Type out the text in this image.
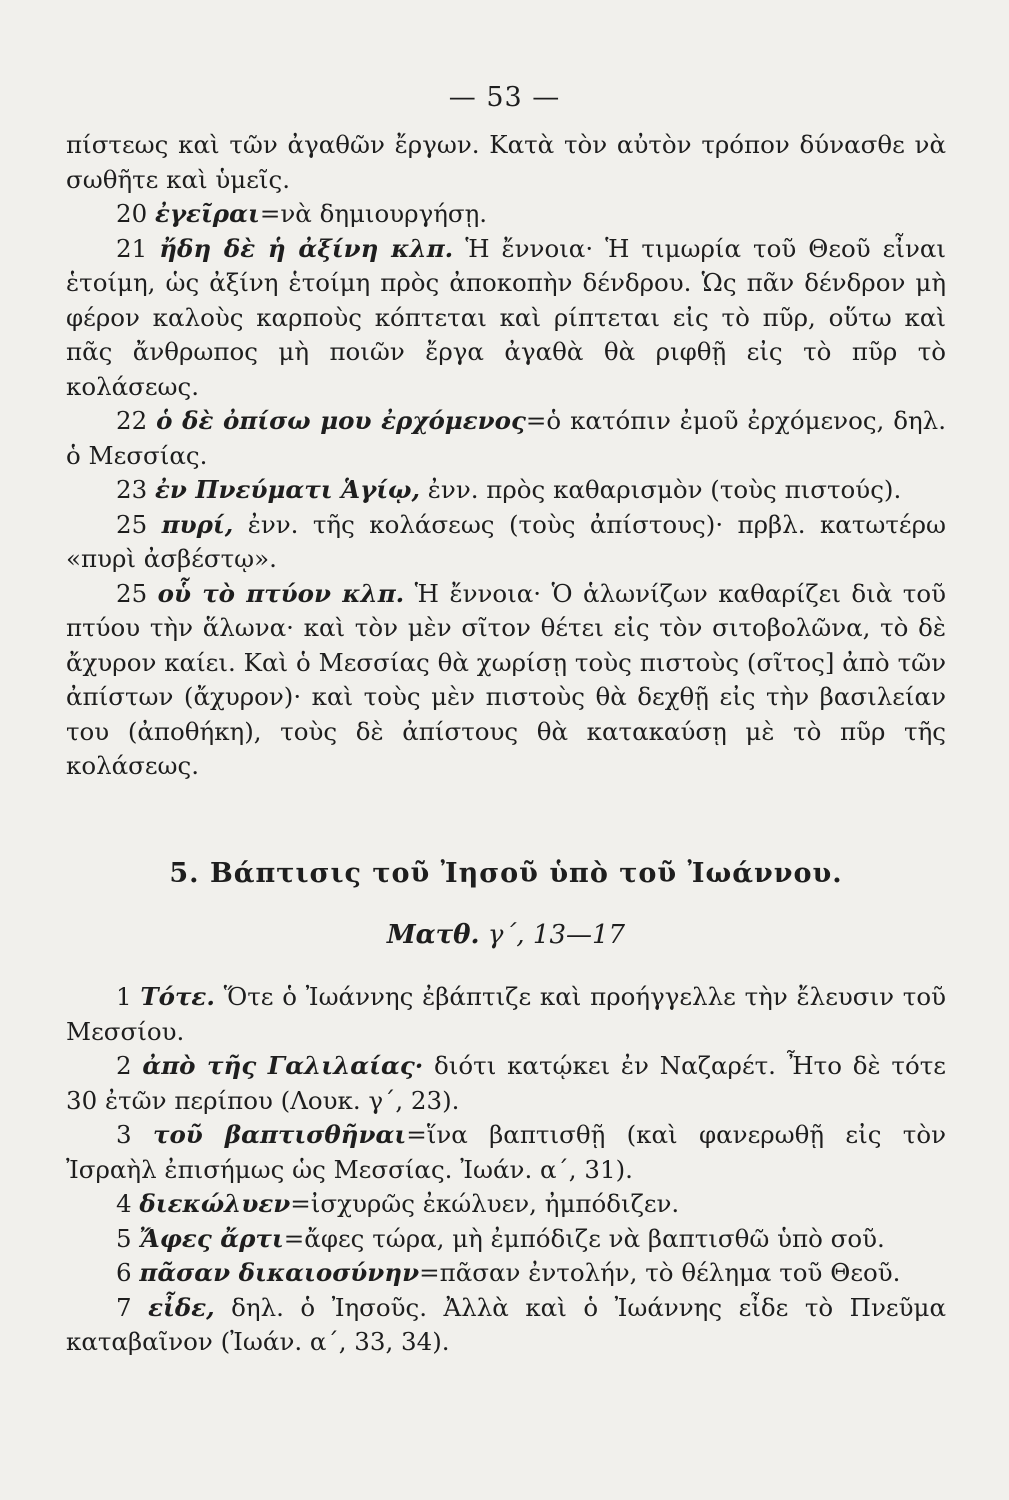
— 53 —

πίστεως καὶ τῶν ἀγαθῶν ἔργων. Κατὰ τὸν αὐτὸν τρόπον δύνασθε νὰ σωθῆτε καὶ ὑμεῖς.

20 ἐγεῖραι=νὰ δημιουργήσῃ.

21 ἤδη δὲ ἡ ἀξίνη κλπ. Ἡ ἔννοια· Ἡ τιμωρία τοῦ Θεοῦ εἶναι ἑτοίμη, ὡς ἀξίνη ἑτοίμη πρὸς ἀποκοπὴν δένδρου. Ὡς πᾶν δένδρον μὴ φέρον καλοὺς καρποὺς κόπτεται καὶ ρίπτεται εἰς τὸ πῦρ, οὕτω καὶ πᾶς ἄνθρωπος μὴ ποιῶν ἔργα ἀγαθὰ θὰ ριφθῇ εἰς τὸ πῦρ τὸ κολάσεως.

22 ὁ δὲ ὀπίσω μου ἐρχόμενος=ὁ κατόπιν ἐμοῦ ἐρχόμενος, δηλ. ὁ Μεσσίας.

23 ἐν Πνεύματι Ἁγίῳ, ἐνν. πρὸς καθαρισμὸν (τοὺς πιστούς).

25 πυρί, ἐνν. τῆς κολάσεως (τοὺς ἀπίστους)· πρβλ. κατωτέρω «πυρὶ ἀσβέστῳ».

25 οὗ τὸ πτύον κλπ. Ἡ ἔννοια· Ὁ ἁλωνίζων καθαρίζει διὰ τοῦ πτύου τὴν ἅλωνα· καὶ τὸν μὲν σῖτον θέτει εἰς τὸν σιτοβολῶνα, τὸ δὲ ἄχυρον καίει. Καὶ ὁ Μεσσίας θὰ χωρίσῃ τοὺς πιστοὺς (σῖτος] ἀπὸ τῶν ἀπίστων (ἄχυρον)· καὶ τοὺς μὲν πιστοὺς θὰ δεχθῇ εἰς τὴν βασιλείαν του (ἀποθήκη), τοὺς δὲ ἀπίστους θὰ κατακαύσῃ μὲ τὸ πῦρ τῆς κολάσεως.

5. Βάπτισις τοῦ Ἰησοῦ ὑπὸ τοῦ Ἰωάννου.

Ματθ. γ΄, 13—17

1 Τότε. Ὅτε ὁ Ἰωάννης ἐβάπτιζε καὶ προήγγελλε τὴν ἔλευσιν τοῦ Μεσσίου.

2 ἀπὸ τῆς Γαλιλαίας· διότι κατῴκει ἐν Ναζαρέτ. Ἦτο δὲ τότε 30 ἐτῶν περίπου (Λουκ. γ΄, 23).

3 τοῦ βαπτισθῆναι=ἵνα βαπτισθῇ (καὶ φανερωθῇ εἰς τὸν Ἰσραὴλ ἐπισήμως ὡς Μεσσίας. Ἰωάν. α΄, 31).

4 διεκώλυεν=ἰσχυρῶς ἐκώλυεν, ἠμπόδιζεν.

5 Ἄφες ἄρτι=ἄφες τώρα, μὴ ἐμπόδιζε νὰ βαπτισθῶ ὑπὸ σοῦ.

6 πᾶσαν δικαιοσύνην=πᾶσαν ἐντολήν, τὸ θέλημα τοῦ Θεοῦ.

7 εἶδε, δηλ. ὁ Ἰησοῦς. Ἀλλὰ καὶ ὁ Ἰωάννης εἶδε τὸ Πνεῦμα καταβαῖνον (Ἰωάν. α΄, 33, 34).
